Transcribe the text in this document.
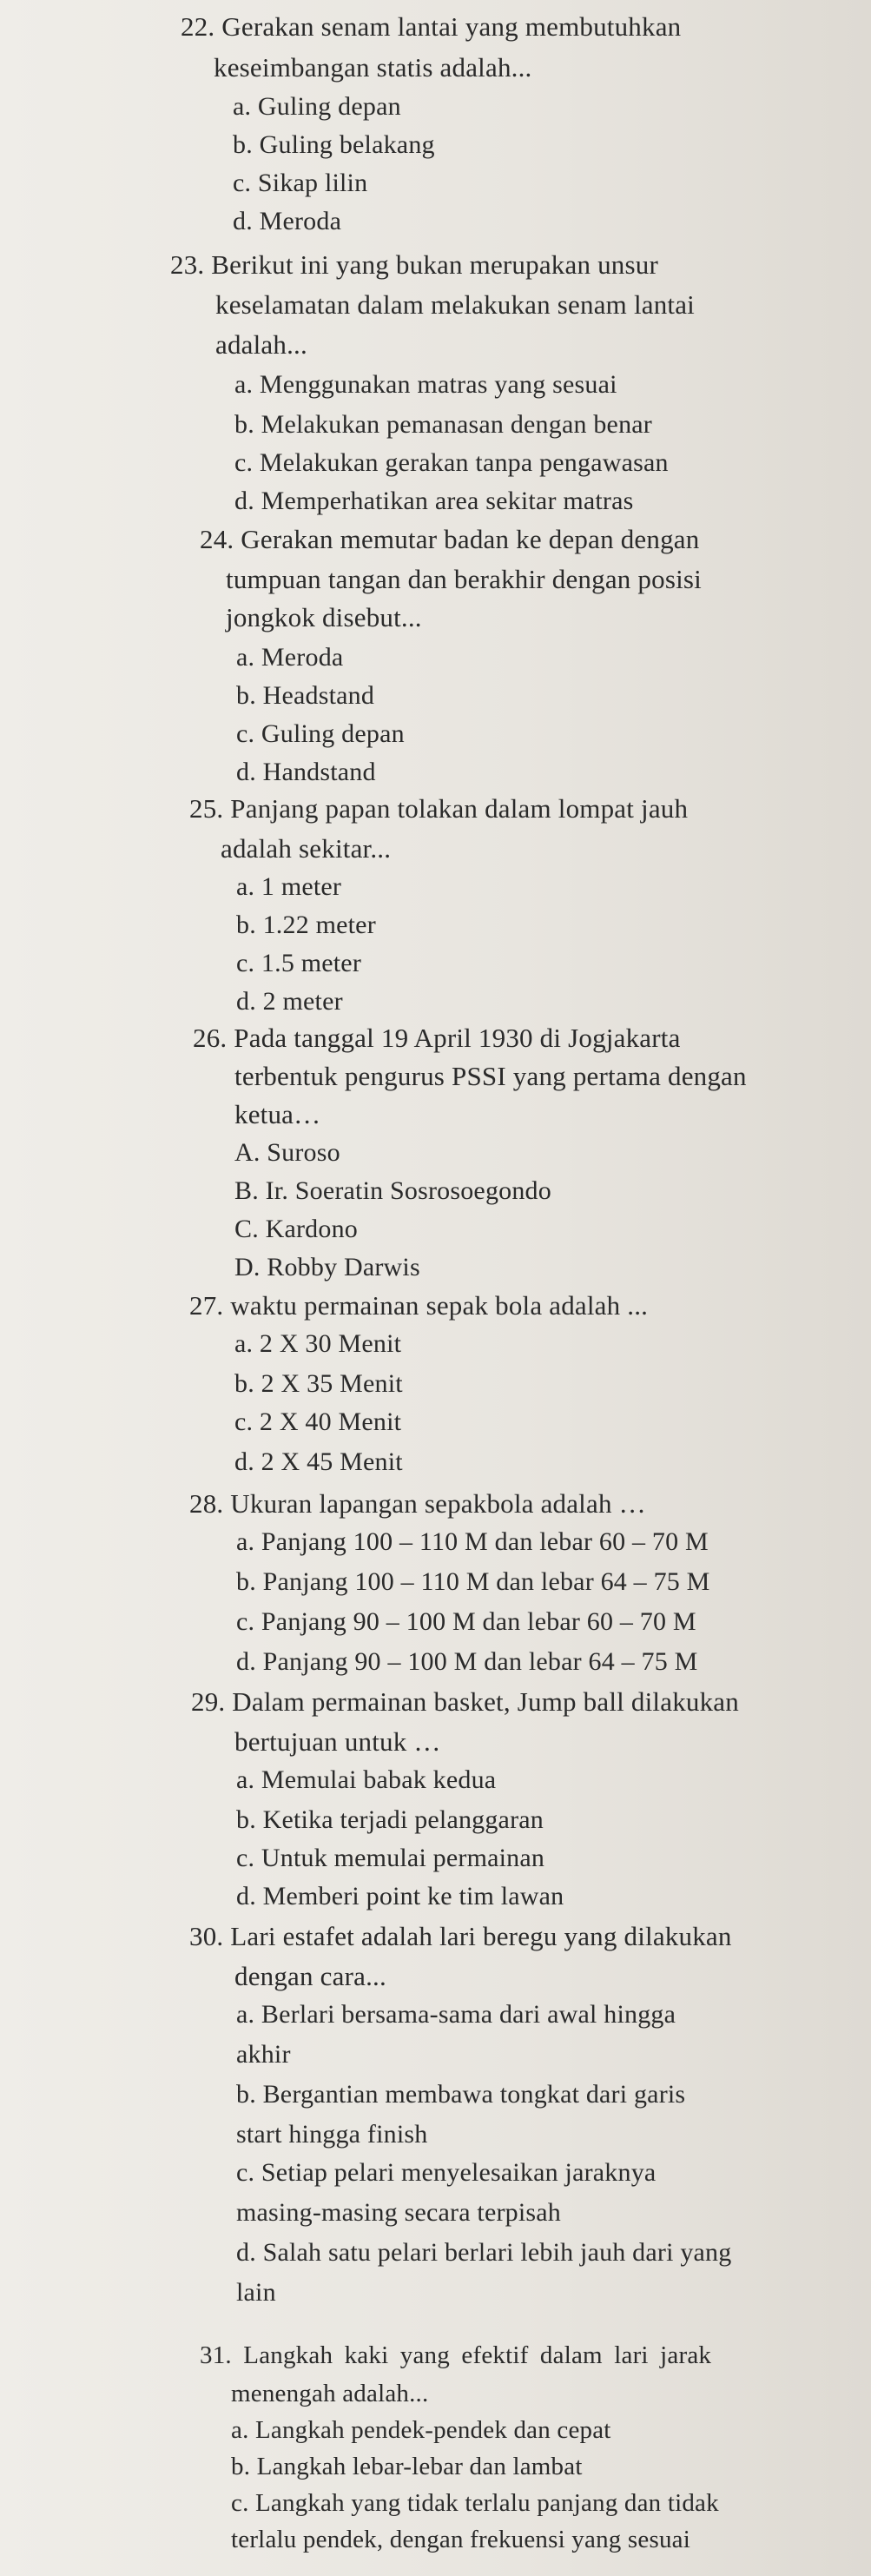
22. Gerakan senam lantai yang membutuhkan
keseimbangan statis adalah...
a. Guling depan
b. Guling belakang
c. Sikap lilin
d. Meroda
23. Berikut ini yang bukan merupakan unsur
keselamatan dalam melakukan senam lantai
adalah...
a. Menggunakan matras yang sesuai
b. Melakukan pemanasan dengan benar
c. Melakukan gerakan tanpa pengawasan
d. Memperhatikan area sekitar matras
24. Gerakan memutar badan ke depan dengan
tumpuan tangan dan berakhir dengan posisi
jongkok disebut...
a. Meroda
b. Headstand
c. Guling depan
d. Handstand
25. Panjang papan tolakan dalam lompat jauh
adalah sekitar...
a. 1 meter
b. 1.22 meter
c. 1.5 meter
d. 2 meter
26. Pada tanggal 19 April 1930 di Jogjakarta
terbentuk pengurus PSSI yang pertama dengan
ketua…
A. Suroso
B. Ir. Soeratin Sosrosoegondo
C. Kardono
D. Robby Darwis
27. waktu permainan sepak bola adalah ...
a. 2 X 30 Menit
b. 2 X 35 Menit
c. 2 X 40 Menit
d. 2 X 45 Menit
28. Ukuran lapangan sepakbola adalah …
a. Panjang 100 – 110 M dan lebar 60 – 70 M
b. Panjang 100 – 110 M dan lebar 64 – 75 M
c. Panjang 90 – 100 M dan lebar 60 – 70 M
d. Panjang 90 – 100 M dan lebar 64 – 75 M
29. Dalam permainan basket, Jump ball dilakukan
bertujuan untuk …
a. Memulai babak kedua
b. Ketika terjadi pelanggaran
c. Untuk memulai permainan
d. Memberi point ke tim lawan
30. Lari estafet adalah lari beregu yang dilakukan
dengan cara...
a. Berlari bersama-sama dari awal hingga
akhir
b. Bergantian membawa tongkat dari garis
start hingga finish
c. Setiap pelari menyelesaikan jaraknya
masing-masing secara terpisah
d. Salah satu pelari berlari lebih jauh dari yang
lain
31. Langkah kaki yang efektif dalam lari jarak
menengah adalah...
a. Langkah pendek-pendek dan cepat
b. Langkah lebar-lebar dan lambat
c. Langkah yang tidak terlalu panjang dan tidak
terlalu pendek, dengan frekuensi yang sesuai
